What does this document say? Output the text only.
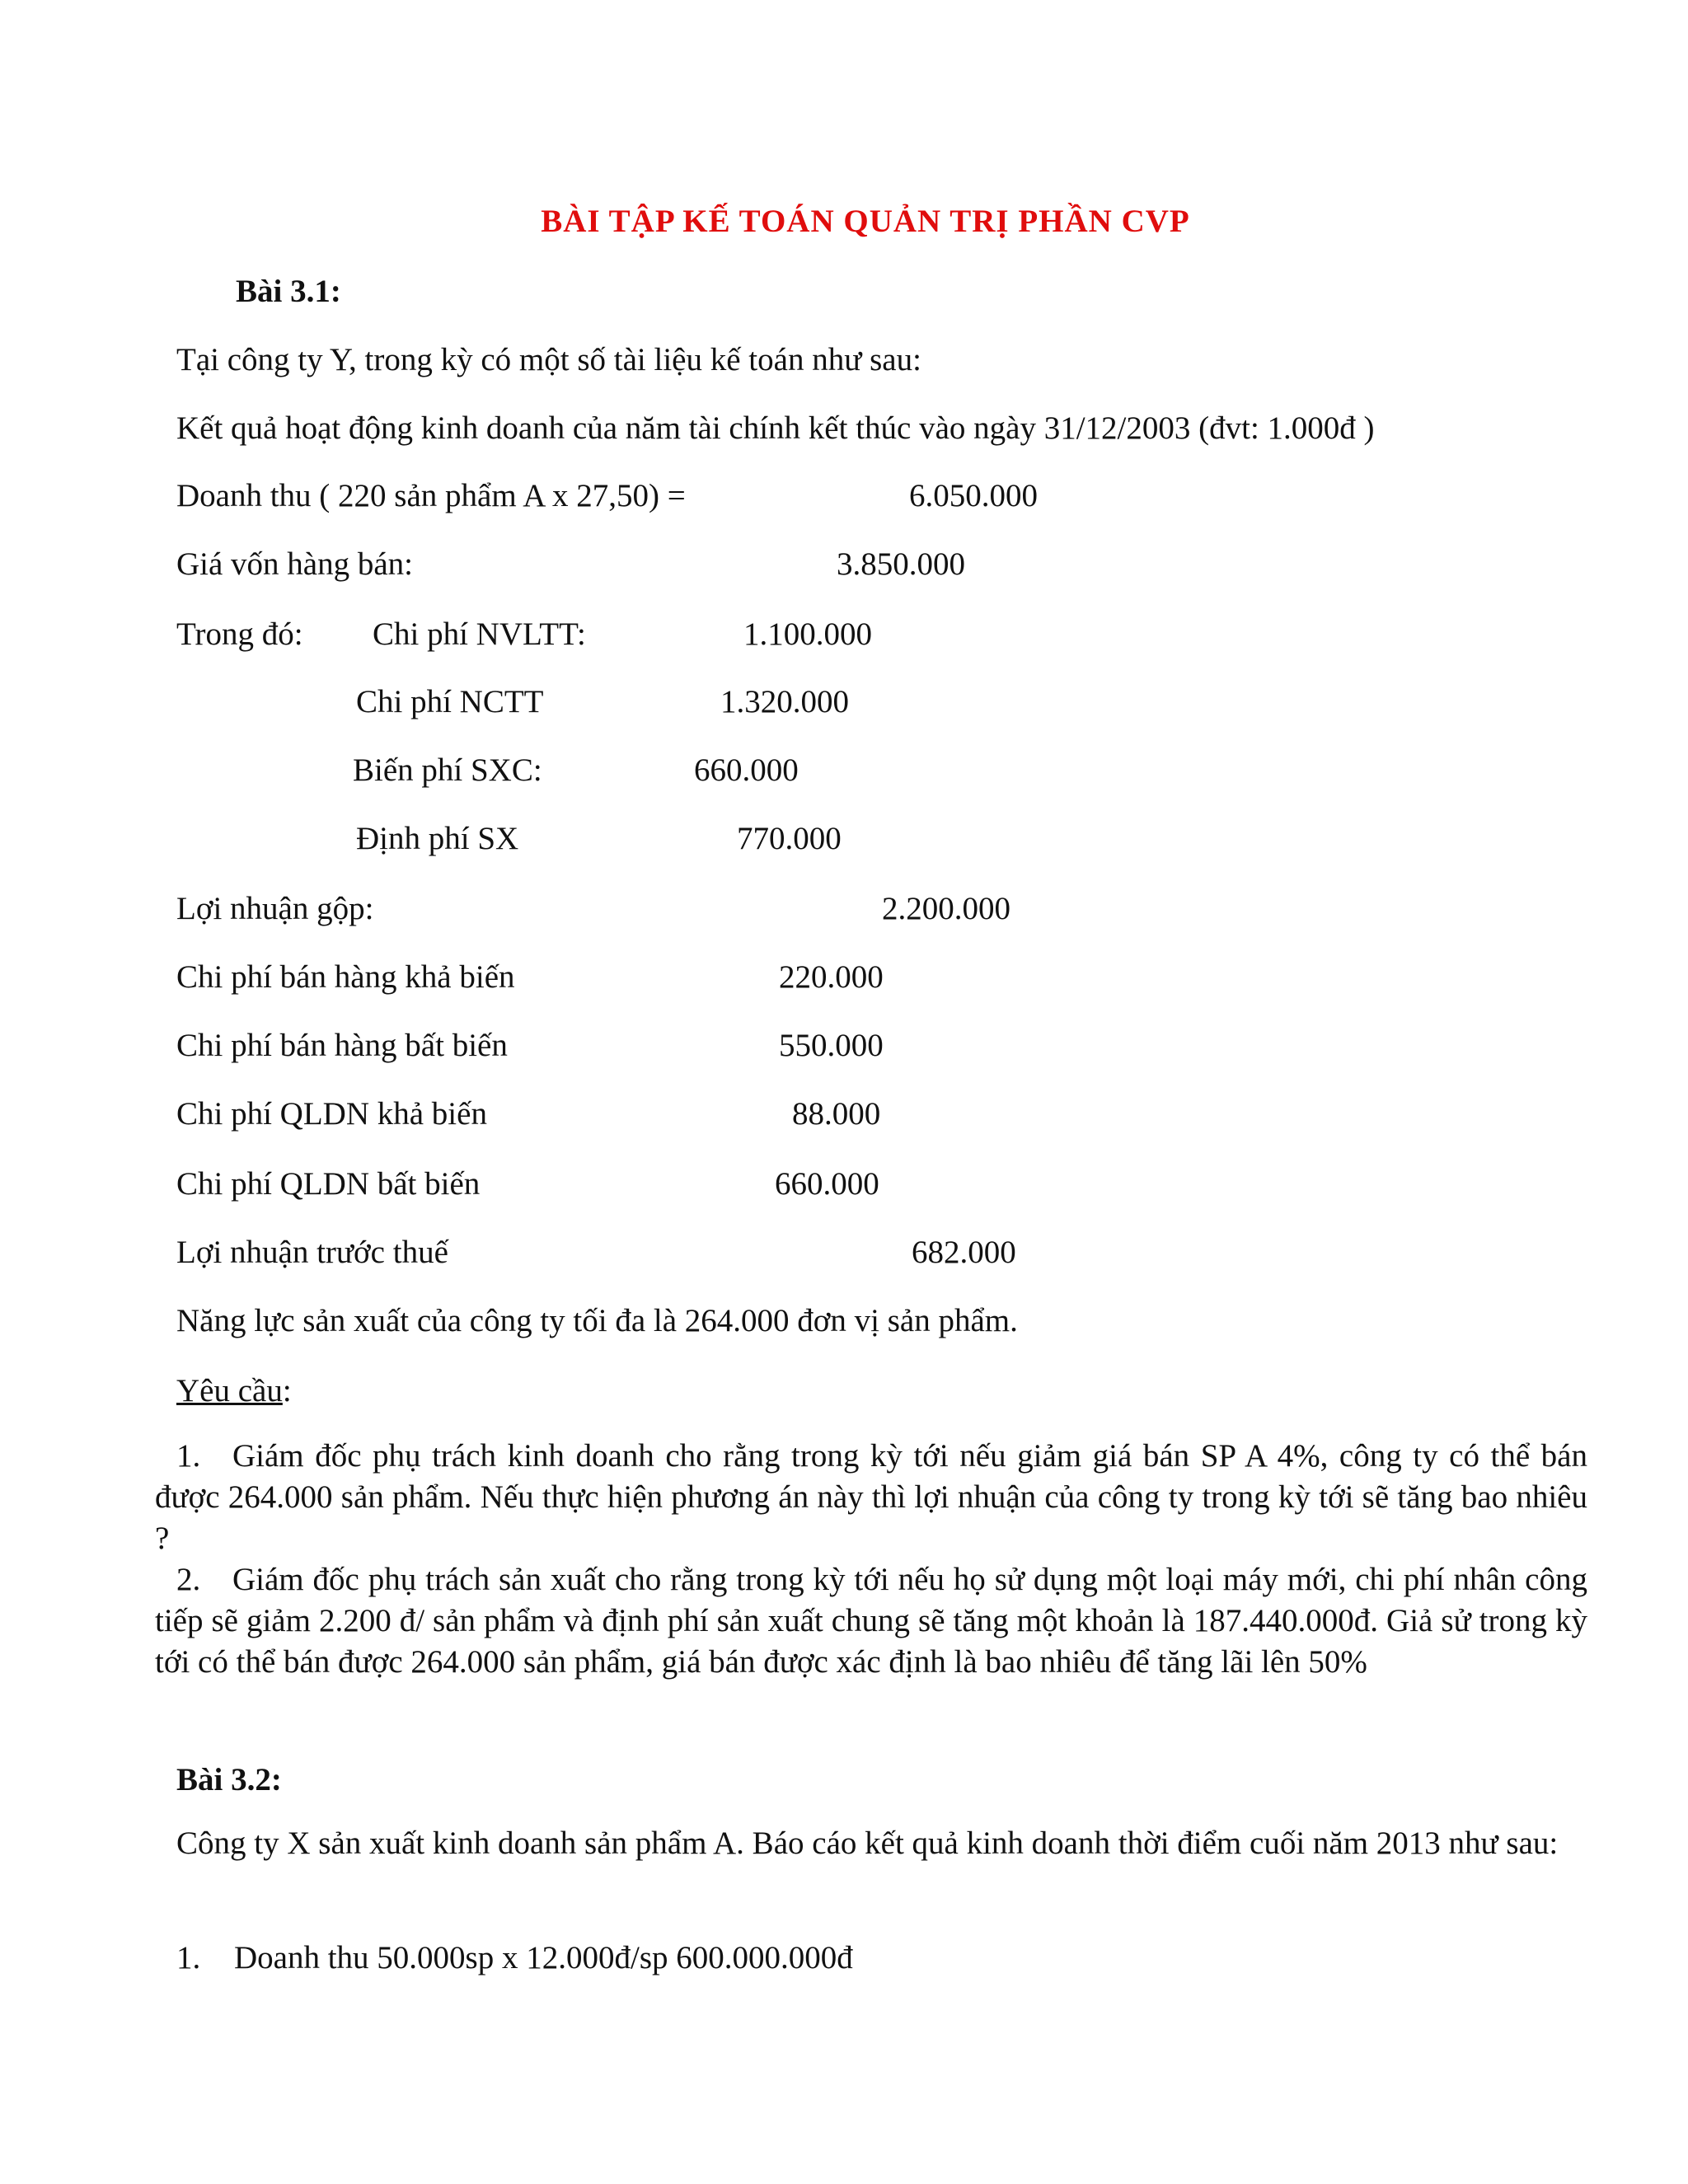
BÀI TẬP KẾ TOÁN QUẢN TRỊ PHẦN CVP
Bài 3.1:
Tại công ty Y, trong kỳ có một số tài liệu kế toán như sau:
Kết quả hoạt động kinh doanh của năm tài chính kết thúc vào ngày 31/12/2003 (đvt: 1.000đ )
Doanh thu ( 220 sản phẩm A x 27,50) =	6.050.000
Giá vốn hàng bán:	3.850.000
Trong đó: Chi phí NVLTT:	1.100.000
Chi phí NCTT	1.320.000
Biến phí SXC:	660.000
Định phí SX	770.000
Lợi nhuận gộp:	2.200.000
Chi phí bán hàng khả biến	220.000
Chi phí bán hàng bất biến	550.000
Chi phí QLDN khả biến	88.000
Chi phí QLDN bất biến	660.000
Lợi nhuận trước thuế	682.000
Năng lực sản xuất của công ty tối đa là 264.000 đơn vị sản phẩm.
Yêu cầu:
1. Giám đốc phụ trách kinh doanh cho rằng trong kỳ tới nếu giảm giá bán SP A 4%, công ty có thể bán được 264.000 sản phẩm. Nếu thực hiện phương án này thì lợi nhuận của công ty trong kỳ tới sẽ tăng bao nhiêu ?
2. Giám đốc phụ trách sản xuất cho rằng trong kỳ tới nếu họ sử dụng một loại máy mới, chi phí nhân công tiếp sẽ giảm 2.200 đ/ sản phẩm và định phí sản xuất chung sẽ tăng một khoản là 187.440.000đ. Giả sử trong kỳ tới có thể bán được 264.000 sản phẩm, giá bán được xác định là bao nhiêu để tăng lãi lên 50%
Bài 3.2:
Công ty X sản xuất kinh doanh sản phẩm A. Báo cáo kết quả kinh doanh thời điểm cuối năm 2013 như sau:
1. Doanh thu 50.000sp x 12.000đ/sp 600.000.000đ
